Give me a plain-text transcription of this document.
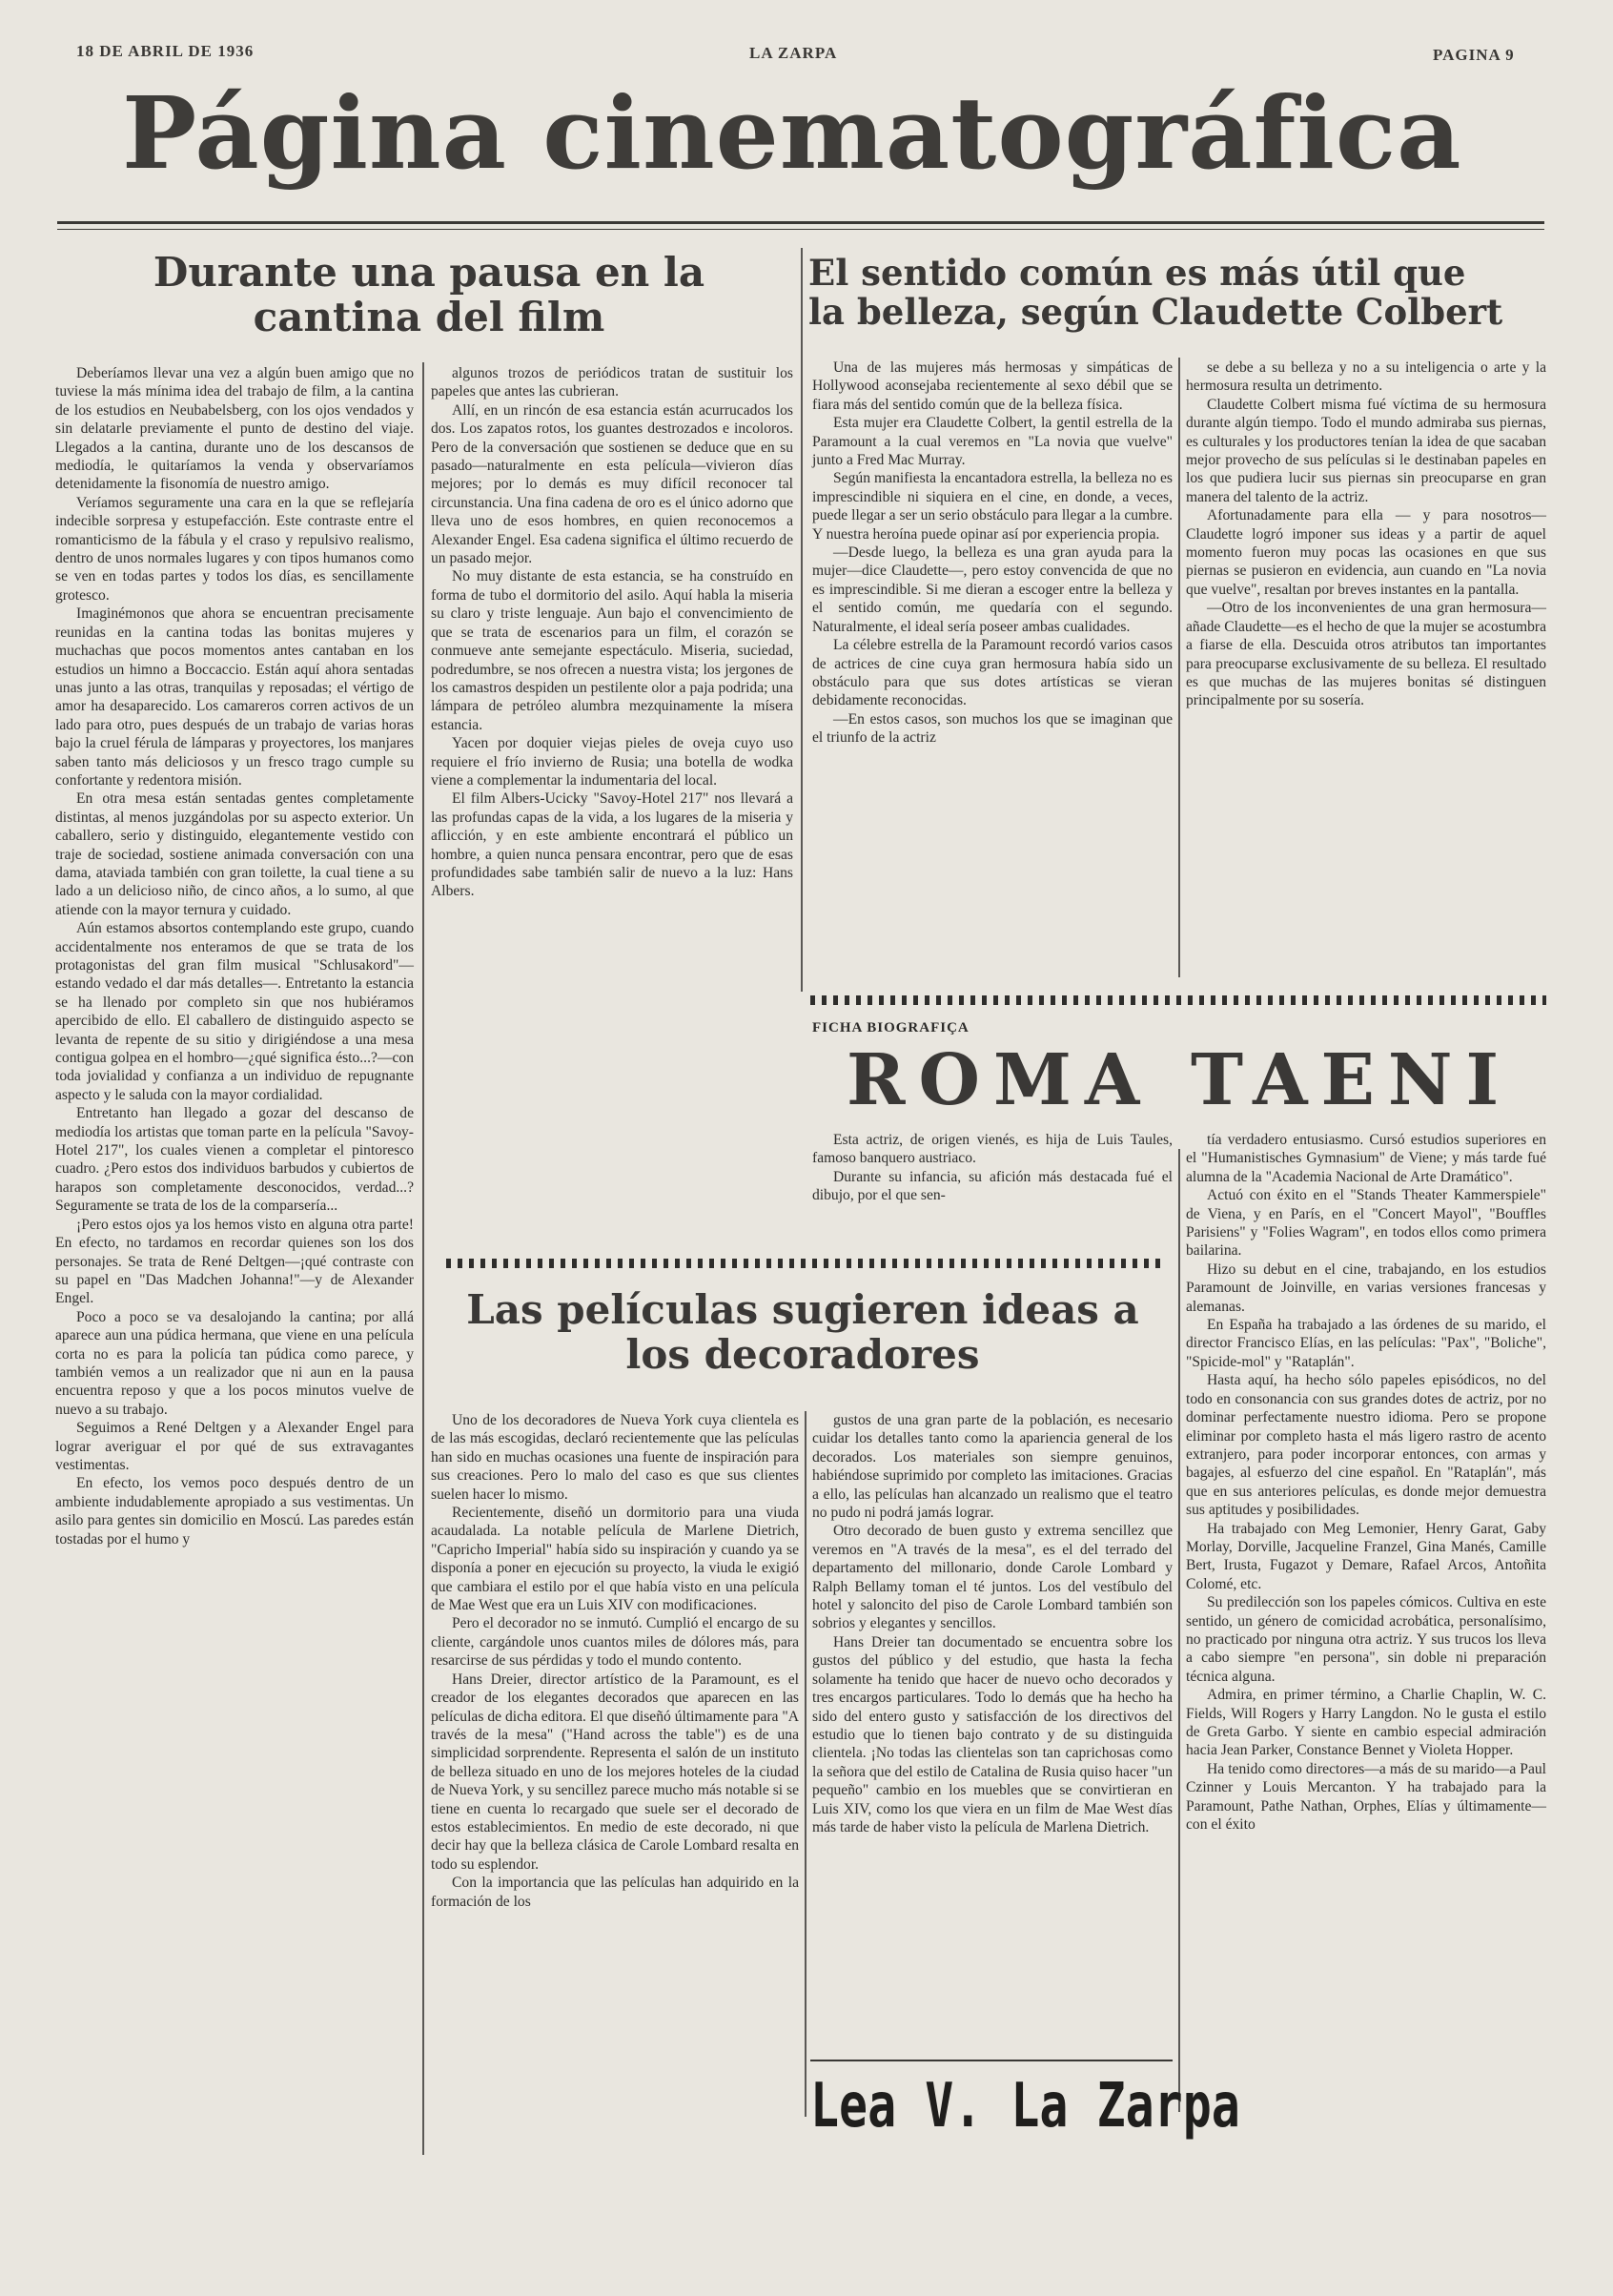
18 DE ABRIL DE 1936	LA ZARPA	PAGINA 9
Página cinematográfica
Durante una pausa en la
cantina del film

Deberíamos llevar una vez a algún buen amigo que no tuviese la más mínima idea del trabajo de film, a la cantina de los estudios en Neubabelsberg, con los ojos vendados y sin delatarle previamente el punto de destino del viaje. Llegados a la cantina, durante uno de los descansos de mediodía, le quitaríamos la venda y observaríamos detenidamente la fisonomía de nuestro amigo.

Veríamos seguramente una cara en la que se reflejaría indecible sorpresa y estupefacción. Este contraste entre el romanticismo de la fábula y el craso y repulsivo realismo, dentro de unos normales lugares y con tipos humanos como se ven en todas partes y todos los días, es sencillamente grotesco.

Imaginémonos que ahora se encuentran precisamente reunidas en la cantina todas las bonitas mujeres y muchachas que pocos momentos antes cantaban en los estudios un himno a Boccaccio. Están aquí ahora sentadas unas junto a las otras, tranquilas y reposadas; el vértigo de amor ha desaparecido. Los camareros corren activos de un lado para otro, pues después de un trabajo de varias horas bajo la cruel férula de lámparas y proyectores, los manjares saben tanto más deliciosos y un fresco trago cumple su confortante y redentora misión.

En otra mesa están sentadas gentes completamente distintas, al menos juzgándolas por su aspecto exterior. Un caballero, serio y distinguido, elegantemente vestido con traje de sociedad, sostiene animada conversación con una dama, ataviada también con gran toilette, la cual tiene a su lado a un delicioso niño, de cinco años, a lo sumo, al que atiende con la mayor ternura y cuidado.

Aún estamos absortos contemplando este grupo, cuando accidentalmente nos enteramos de que se trata de los protagonistas del gran film musical "Schlusakord"—estando vedado el dar más detalles—. Entretanto la estancia se ha llenado por completo sin que nos hubiéramos apercibido de ello. El caballero de distinguido aspecto se levanta de repente de su sitio y dirigiéndose a una mesa contigua golpea en el hombro—¿qué significa ésto...?—con toda jovialidad y confianza a un individuo de repugnante aspecto y le saluda con la mayor cordialidad.

Entretanto han llegado a gozar del descanso de mediodía los artistas que toman parte en la película "Savoy-Hotel 217", los cuales vienen a completar el pintoresco cuadro. ¿Pero estos dos individuos barbudos y cubiertos de harapos son completamente desconocidos, verdad...? Seguramente se trata de los de la comparsería...

¡Pero estos ojos ya los hemos visto en alguna otra parte! En efecto, no tardamos en recordar quienes son los dos personajes. Se trata de René Deltgen—¡qué contraste con su papel en "Das Madchen Johanna!"—y de Alexander Engel.

Poco a poco se va desalojando la cantina; por allá aparece aun una púdica hermana, que viene en una película corta no es para la policía tan púdica como parece, y también vemos a un realizador que ni aun en la pausa encuentra reposo y que a los pocos minutos vuelve de nuevo a su trabajo.

Seguimos a René Deltgen y a Alexander Engel para lograr averiguar el por qué de sus extravagantes vestimentas.

En efecto, los vemos poco después dentro de un ambiente indudablemente apropiado a sus vestimentas. Un asilo para gentes sin domicilio en Moscú. Las paredes están tostadas por el humo y

algunos trozos de periódicos tratan de sustituir los papeles que antes las cubrieran.

Allí, en un rincón de esa estancia están acurrucados los dos. Los zapatos rotos, los guantes destrozados e incoloros. Pero de la conversación que sostienen se deduce que en su pasado—naturalmente en esta película—vivieron días mejores; por lo demás es muy difícil reconocer tal circunstancia. Una fina cadena de oro es el único adorno que lleva uno de esos hombres, en quien reconocemos a Alexander Engel. Esa cadena significa el último recuerdo de un pasado mejor.

No muy distante de esta estancia, se ha construído en forma de tubo el dormitorio del asilo. Aquí habla la miseria su claro y triste lenguaje. Aun bajo el convencimiento de que se trata de escenarios para un film, el corazón se conmueve ante semejante espectáculo. Miseria, suciedad, podredumbre, se nos ofrecen a nuestra vista; los jergones de los camastros despiden un pestilente olor a paja podrida; una lámpara de petróleo alumbra mezquinamente la mísera estancia.

Yacen por doquier viejas pieles de oveja cuyo uso requiere el frío invierno de Rusia; una botella de wodka viene a complementar la indumentaria del local.

El film Albers-Ucicky "Savoy-Hotel 217" nos llevará a las profundas capas de la vida, a los lugares de la miseria y aflicción, y en este ambiente encontrará el público un hombre, a quien nunca pensara encontrar, pero que de esas profundidades sabe también salir de nuevo a la luz: Hans Albers.

El sentido común es más útil que
la belleza, según Claudette Colbert

Una de las mujeres más hermosas y simpáticas de Hollywood aconsejaba recientemente al sexo débil que se fiara más del sentido común que de la belleza física.

Esta mujer era Claudette Colbert, la gentil estrella de la Paramount a la cual veremos en "La novia que vuelve" junto a Fred Mac Murray.

Según manifiesta la encantadora estrella, la belleza no es imprescindible ni siquiera en el cine, en donde, a veces, puede llegar a ser un serio obstáculo para llegar a la cumbre. Y nuestra heroína puede opinar así por experiencia propia.

—Desde luego, la belleza es una gran ayuda para la mujer—dice Claudette—, pero estoy convencida de que no es imprescindible. Si me dieran a escoger entre la belleza y el sentido común, me quedaría con el segundo. Naturalmente, el ideal sería poseer ambas cualidades.

La célebre estrella de la Paramount recordó varios casos de actrices de cine cuya gran hermosura había sido un obstáculo para que sus dotes artísticas se vieran debidamente reconocidas.

—En estos casos, son muchos los que se imaginan que el triunfo de la actriz

se debe a su belleza y no a su inteligencia o arte y la hermosura resulta un detrimento.

Claudette Colbert misma fué víctima de su hermosura durante algún tiempo. Todo el mundo admiraba sus piernas, es culturales y los productores tenían la idea de que sacaban mejor provecho de sus películas si le destinaban papeles en los que pudiera lucir sus piernas sin preocuparse en gran manera del talento de la actriz.

Afortunadamente para ella — y para nosotros—Claudette logró imponer sus ideas y a partir de aquel momento fueron muy pocas las ocasiones en que sus piernas se pusieron en evidencia, aun cuando en "La novia que vuelve", resaltan por breves instantes en la pantalla.

—Otro de los inconvenientes de una gran hermosura—añade Claudette—es el hecho de que la mujer se acostumbra a fiarse de ella. Descuida otros atributos tan importantes para preocuparse exclusivamente de su belleza. El resultado es que muchas de las mujeres bonitas sé distinguen principalmente por su sosería.

FICHA BIOGRAFIÇA
ROMA TAENI

Esta actriz, de origen vienés, es hija de Luis Taules, famoso banquero austriaco.

Durante su infancia, su afición más destacada fué el dibujo, por el que sen-

tía verdadero entusiasmo. Cursó estudios superiores en el "Humanistisches Gymnasium" de Viene; y más tarde fué alumna de la "Academia Nacional de Arte Dramático".

Actuó con éxito en el "Stands Theater Kammerspiele" de Viena, y en París, en el "Concert Mayol", "Bouffles Parisiens" y "Folies Wagram", en todos ellos como primera bailarina.

Hizo su debut en el cine, trabajando, en los estudios Paramount de Joinville, en varias versiones francesas y alemanas.

En España ha trabajado a las órdenes de su marido, el director Francisco Elías, en las películas: "Pax", "Boliche", "Spicide-mol" y "Rataplán".

Hasta aquí, ha hecho sólo papeles episódicos, no del todo en consonancia con sus grandes dotes de actriz, por no dominar perfectamente nuestro idioma. Pero se propone eliminar por completo hasta el más ligero rastro de acento extranjero, para poder incorporar entonces, con armas y bagajes, al esfuerzo del cine español. En "Rataplán", más que en sus anteriores películas, es donde mejor demuestra sus aptitudes y posibilidades.

Ha trabajado con Meg Lemonier, Henry Garat, Gaby Morlay, Dorville, Jacqueline Franzel, Gina Manés, Camille Bert, Irusta, Fugazot y Demare, Rafael Arcos, Antoñita Colomé, etc.

Su predilección son los papeles cómicos. Cultiva en este sentido, un género de comicidad acrobática, personalísimo, no practicado por ninguna otra actriz. Y sus trucos los lleva a cabo siempre "en persona", sin doble ni preparación técnica alguna.

Admira, en primer término, a Charlie Chaplin, W. C. Fields, Will Rogers y Harry Langdon. No le gusta el estilo de Greta Garbo. Y siente en cambio especial admiración hacia Jean Parker, Constance Bennet y Violeta Hopper.

Ha tenido como directores—a más de su marido—a Paul Czinner y Louis Mercanton. Y ha trabajado para la Paramount, Pathe Nathan, Orphes, Elías y últimamente—con el éxito

Las películas sugieren ideas a
los decoradores

Uno de los decoradores de Nueva York cuya clientela es de las más escogidas, declaró recientemente que las películas han sido en muchas ocasiones una fuente de inspiración para sus creaciones. Pero lo malo del caso es que sus clientes suelen hacer lo mismo.

Recientemente, diseñó un dormitorio para una viuda acaudalada. La notable película de Marlene Dietrich, "Capricho Imperial" había sido su inspiración y cuando ya se disponía a poner en ejecución su proyecto, la viuda le exigió que cambiara el estilo por el que había visto en una película de Mae West que era un Luis XIV con modificaciones.

Pero el decorador no se inmutó. Cumplió el encargo de su cliente, cargándole unos cuantos miles de dólores más, para resarcirse de sus pérdidas y todo el mundo contento.

Hans Dreier, director artístico de la Paramount, es el creador de los elegantes decorados que aparecen en las películas de dicha editora. El que diseñó últimamente para "A través de la mesa" ("Hand across the table") es de una simplicidad sorprendente. Representa el salón de un instituto de belleza situado en uno de los mejores hoteles de la ciudad de Nueva York, y su sencillez parece mucho más notable si se tiene en cuenta lo recargado que suele ser el decorado de estos establecimientos. En medio de este decorado, ni que decir hay que la belleza clásica de Carole Lombard resalta en todo su esplendor.

Con la importancia que las películas han adquirido en la formación de los

gustos de una gran parte de la población, es necesario cuidar los detalles tanto como la apariencia general de los decorados. Los materiales son siempre genuinos, habiéndose suprimido por completo las imitaciones. Gracias a ello, las películas han alcanzado un realismo que el teatro no pudo ni podrá jamás lograr.

Otro decorado de buen gusto y extrema sencillez que veremos en "A través de la mesa", es el del terrado del departamento del millonario, donde Carole Lombard y Ralph Bellamy toman el té juntos. Los del vestíbulo del hotel y saloncito del piso de Carole Lombard también son sobrios y elegantes y sencillos.

Hans Dreier tan documentado se encuentra sobre los gustos del público y del estudio, que hasta la fecha solamente ha tenido que hacer de nuevo ocho decorados y tres encargos particulares. Todo lo demás que ha hecho ha sido del entero gusto y satisfacción de los directivos del estudio que lo tienen bajo contrato y de su distinguida clientela. ¡No todas las clientelas son tan caprichosas como la señora que del estilo de Catalina de Rusia quiso hacer "un pequeño" cambio en los muebles que se convirtieran en Luis XIV, como los que viera en un film de Mae West días más tarde de haber visto la película de Marlena Dietrich.

Lea V. La Zarpa
